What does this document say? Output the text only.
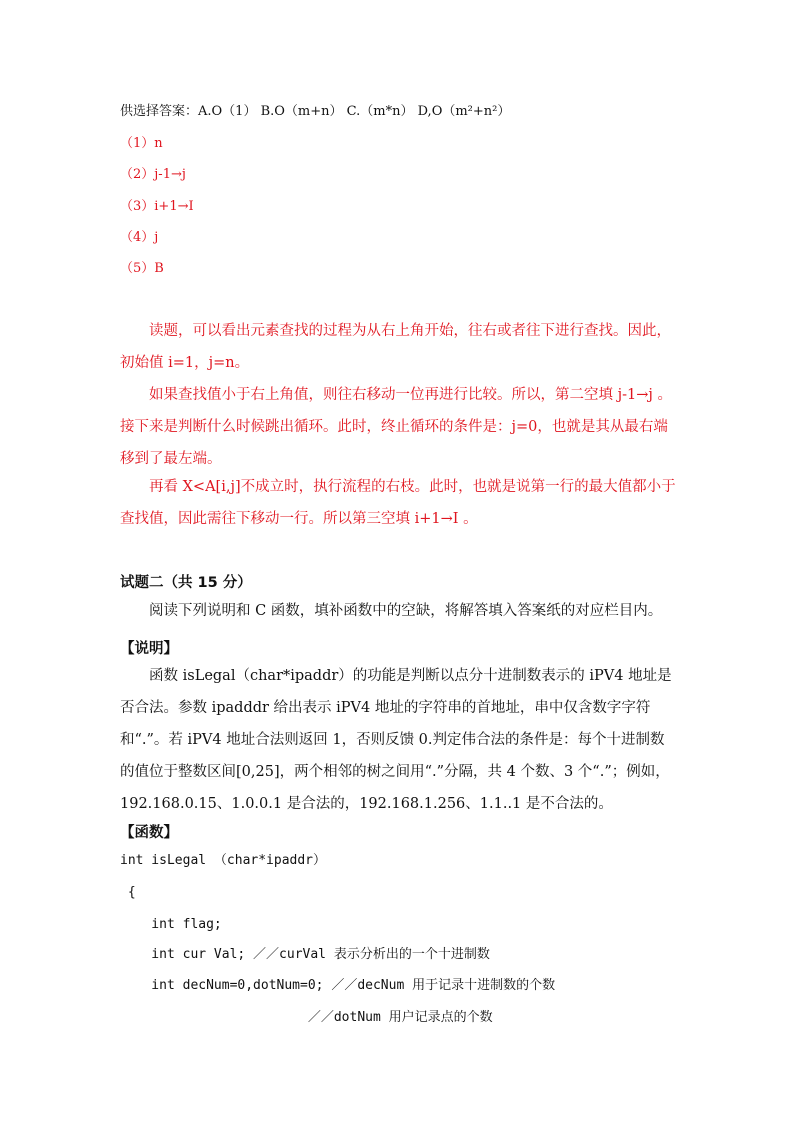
供选择答案：A.O（1） B.O（m+n） C.（m*n） D,O（m²+n²）
（1）n
（2）j-1→j
（3）i+1→I
（4）j
（5）B
读题，可以看出元素查找的过程为从右上角开始，往右或者往下进行查找。因此，初始值 i=1，j=n。
如果查找值小于右上角值，则往右移动一位再进行比较。所以，第二空填 j-1→j 。接下来是判断什么时候跳出循环。此时，终止循环的条件是：j=0，也就是其从最右端移到了最左端。
再看 X<A[i,j]不成立时，执行流程的右枝。此时，也就是说第一行的最大值都小于查找值，因此需往下移动一行。所以第三空填 i+1→I 。
试题二（共 15 分）
阅读下列说明和 C 函数，填补函数中的空缺，将解答填入答案纸的对应栏目内。
【说明】
函数 isLegal（char*ipaddr）的功能是判断以点分十进制数表示的 iPV4 地址是否合法。参数 ipadddr 给出表示 iPV4 地址的字符串的首地址，串中仅含数字字符和“.”。若 iPV4 地址合法则返回 1，否则反馈 0.判定伟合法的条件是：每个十进制数的值位于整数区间[0,25]，两个相邻的树之间用“.”分隔，共 4 个数、3 个“.”；例如，192.168.0.15、1.0.0.1 是合法的，192.168.1.256、1.1..1 是不合法的。
【函数】
int isLegal （char*ipaddr）
{
int flag;
int cur Val; ／／curVal 表示分析出的一个十进制数
int decNum=0,dotNum=0; ／／decNum 用于记录十进制数的个数
／／dotNum 用户记录点的个数
